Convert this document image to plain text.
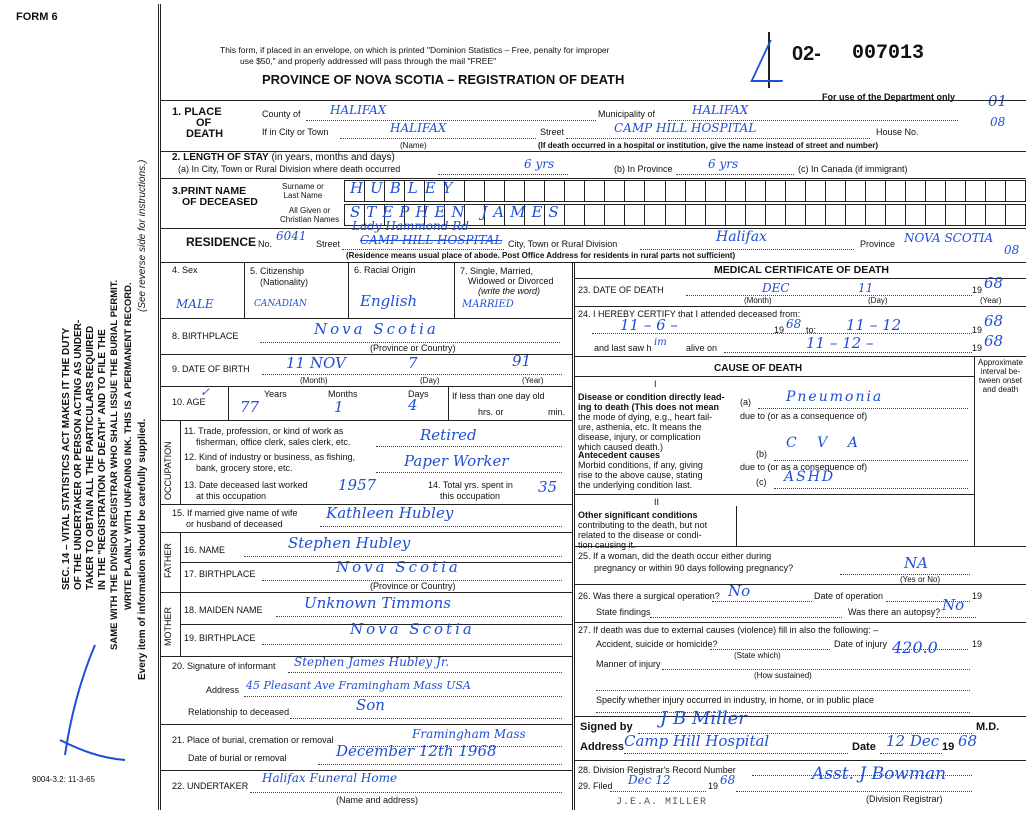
FORM 6
This form, if placed in an envelope, on which is printed "Dominion Statistics – Free, penalty for improper
use $50," and properly addressed will pass through the mail "FREE"
PROVINCE OF NOVA SCOTIA – REGISTRATION OF DEATH
02- 007013
For use of the Department only 01
08
SEC. 14 – VITAL STATISTICS ACT MAKES IT THE DUTY OF THE UNDERTAKER OR PERSON ACTING AS UNDER- TAKER TO OBTAIN ALL THE PARTICULARS REQUIRED IN THE "REGISTRATION OF DEATH" AND TO FILE THE SAME WITH THE DIVISION REGISTRAR WHO SHALL ISSUE THE BURIAL PERMIT. WRITE PLAINLY WITH UNFADING INK. THIS IS A PERMANENT RECORD. Every item of information should be carefully supplied.
(See reverse side for instructions.)
9004-3.2: 11-3-65
1. PLACE
OF
DEATH
County of HALIFAX	Municipality of	HALIFAX
If in City or Town	HALIFAX	Street	CAMP HILL HOSPITAL	House No.
(Name)	(If death occurred in a hospital or institution, give the name instead of street and number)
2. LENGTH OF STAY (in years, months and days)
(a) In City, Town or Rural Division where death occurred	6 yrs	(b) In Province	6 yrs	(c) In Canada (if immigrant)
3.PRINT NAME
OF DECEASED
Surname or
Last Name
All Given or
Christian Names
HUBLEY
STEPHEN JAMES
RESIDENCE No.
6041
Street CAMP HILL HOSPITAL
Lady Hammond Rd
City, Town or Rural Division	Halifax	Province NOVA SCOTIA
08
(Residence means usual place of abode. Post Office Address for residents in rural parts not sufficient)
4. Sex	5. Citizenship
(Nationality)
6. Racial Origin	7. Single, Married,
Widowed or Divorced
(write the word)
MALE	CANADIAN	English	MARRIED
8. BIRTHPLACE	Nova Scotia
(Province or Country)
9. DATE OF BIRTH 11 NOV	7	91
(Month)	(Day)	(Year)
10. AGE
✓	Years	Months	Days
77	1	4	If less than one day old
hrs. or	min.
OCCUPATION
11. Trade, profession, or kind of work as
fisherman, office clerk, sales clerk, etc.	Retired
12. Kind of industry or business, as fishing,
bank, grocery store, etc.	Paper Worker
13. Date deceased last worked
at this occupation
1957	14. Total yrs. spent in
this occupation	35
15. If married give name of wife
or husband of deceased
Kathleen Hubley
FATHER 16. NAME	Stephen Hubley
17. BIRTHPLACE	Nova Scotia
(Province or Country)
MOTHER 18. MAIDEN NAME	Unknown Timmons
19. BIRTHPLACE	Nova Scotia
20. Signature of informant Stephen James Hubley Jr.
Address 45 Pleasant Ave Framingham Mass USA
Relationship to deceased	Son
21. Place of burial, cremation or removal	Framingham Mass
Date of burial or removal	December 12th 1968
22. UNDERTAKER
Halifax Funeral Home
(Name and address)
MEDICAL CERTIFICATE OF DEATH
23. DATE OF DEATH	DEC	11	19 68
(Month)	(Day)	(Year)
24. I HEREBY CERTIFY that I attended deceased from:
11 – 6 –	19 68 to: 11 – 12	19 68
and last saw h im alive on	11 – 12 –	19 68
CAUSE OF DEATH
Approximate
interval be-
tween onset
and death
I
Disease or condition directly lead-
ing to death (This does not mean
the mode of dying, e.g., heart fail-
ure, asthenia, etc. It means the
disease, injury, or complication
which caused death.)
(a)	Pneumonia
due to (or as a consequence of)
Antecedent causes
Morbid conditions, if any, giving
rise to the above cause, stating
the underlying condition last.
(b)
C V A
due to (or as a consequence of)
(c) ASHD
II
Other significant conditions
contributing to the death, but not
related to the disease or condi-
tion causing it.
25. If a woman, did the death occur either during
pregnancy or within 90 days following pregnancy?	NA
(Yes or No)
26. Was there a surgical operation? No	Date of operation	19
State findings	Was there an autopsy? No
27. If death was due to external causes (violence) fill in also the following: –
Accident, suicide or homicide?
(State which)
Date of injury	19
420.0
Manner of injury
(How sustained)
Specify whether injury occurred in industry, in home, or in public place
Signed by J B Miller	M.D.
Address Camp Hill Hospital	Date 12 Dec 19 68
28. Division Registrar's Record Number
29. Filed Dec 12	19 68	Asst. J Bowman
(Division Registrar)
J.E.A. MILLER
